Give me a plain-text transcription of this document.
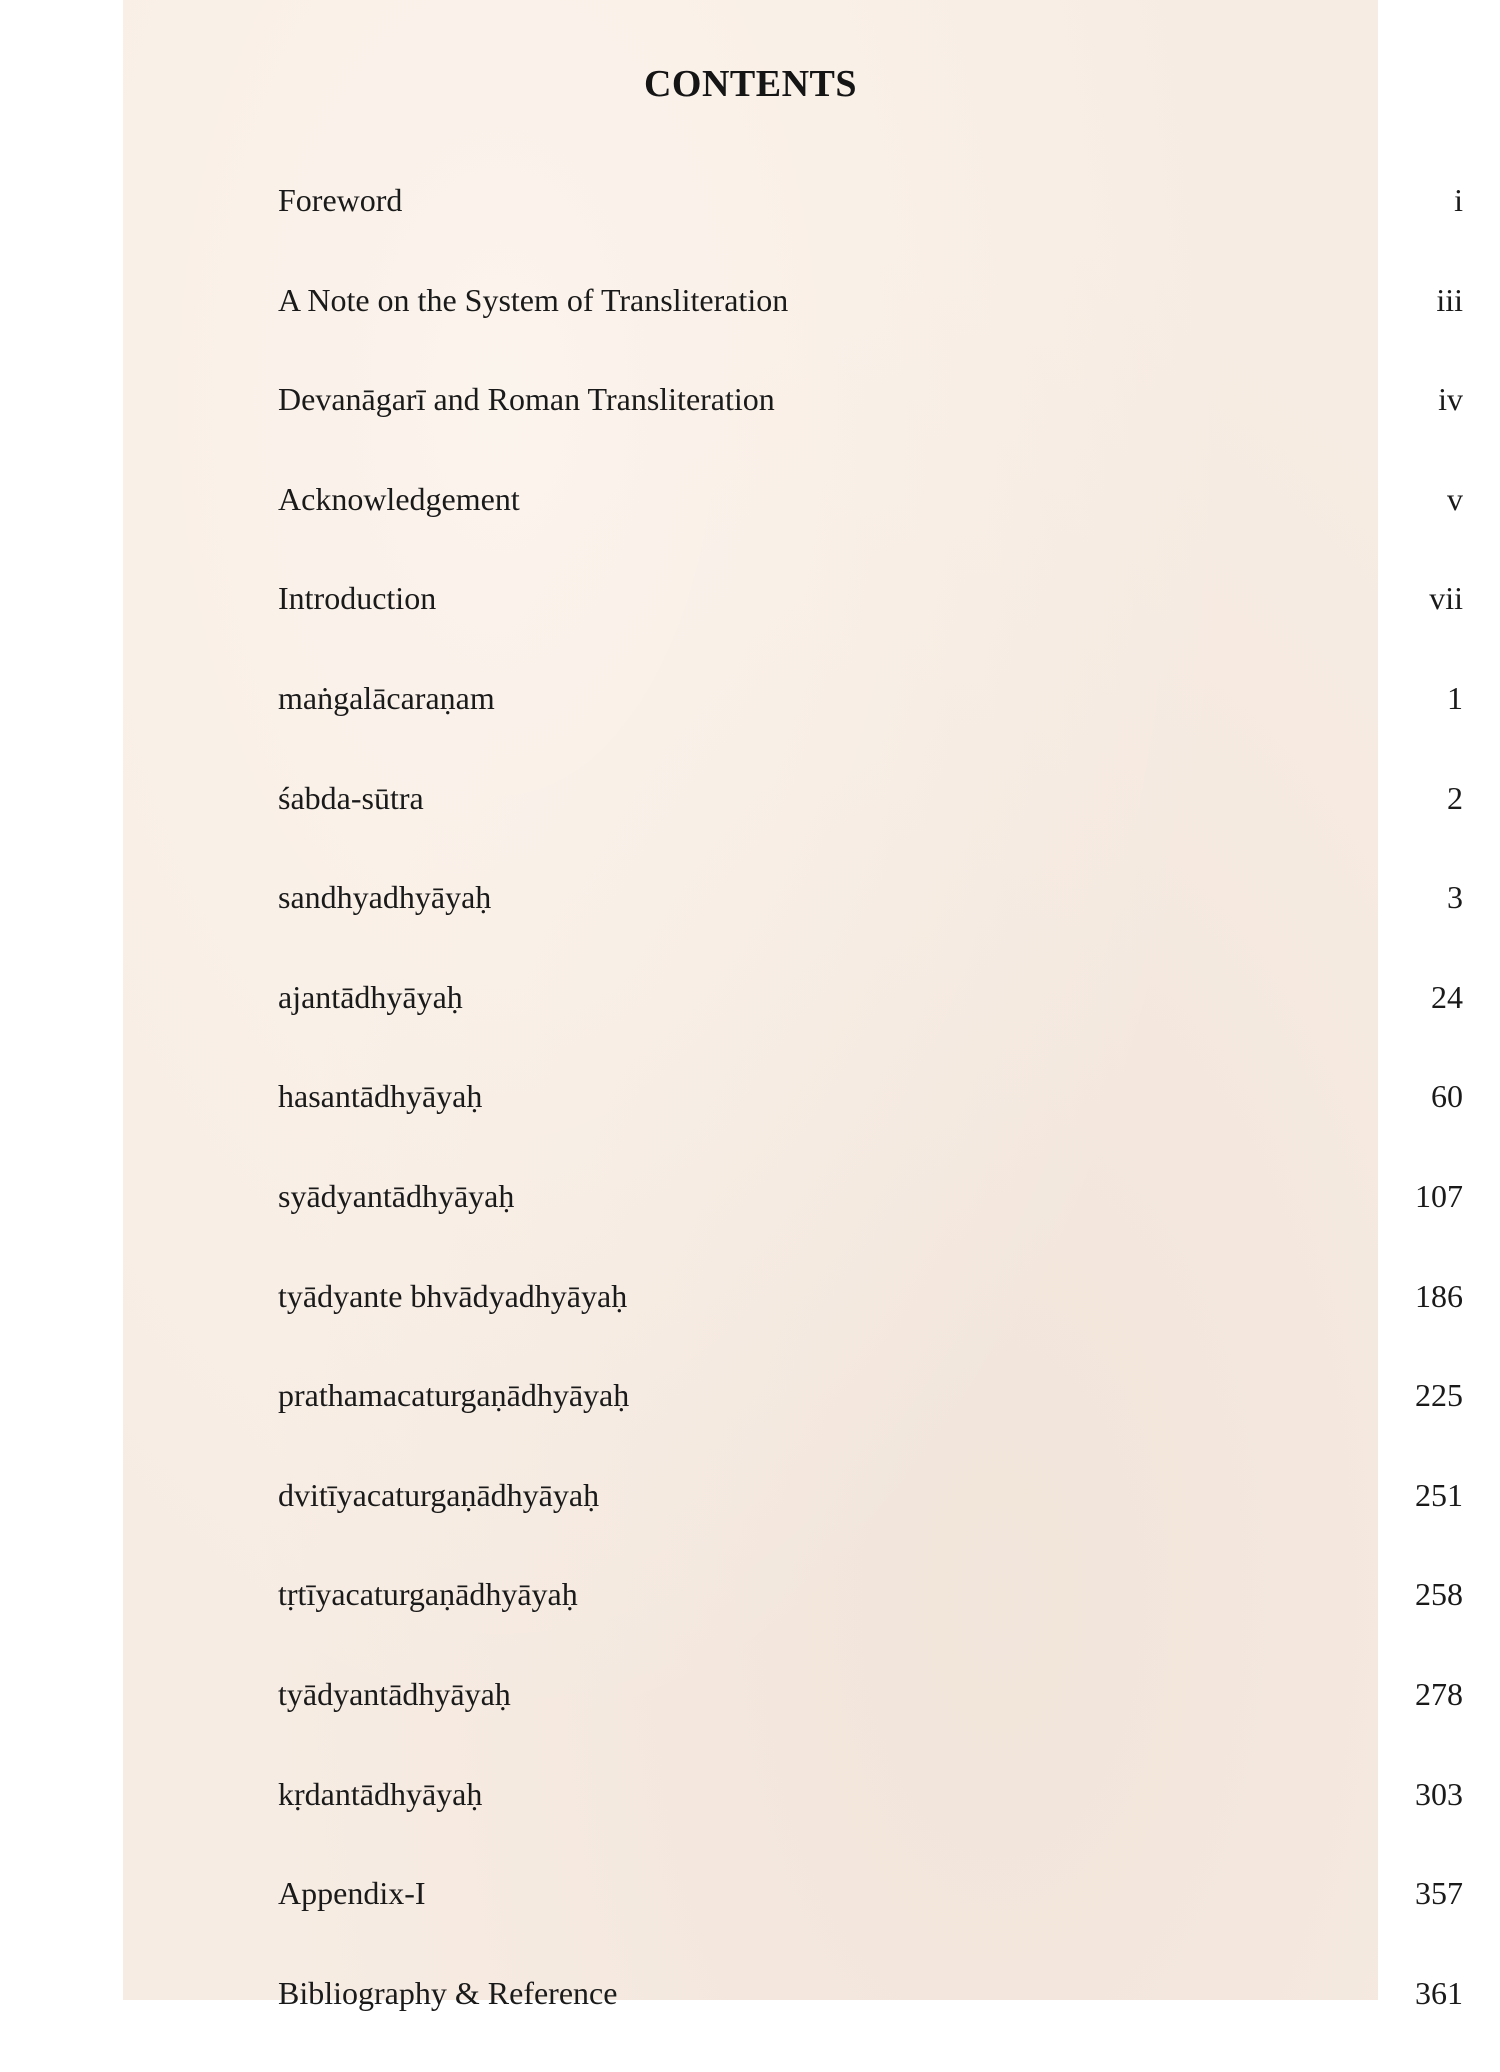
CONTENTS
Foreword	i
A Note on the System of Transliteration	iii
Devanāgarī and Roman Transliteration	iv
Acknowledgement	v
Introduction	vii
maṅgalācaraṇam	1
śabda-sūtra	2
sandhyadhyāyaḥ	3
ajantādhyāyaḥ	24
hasantādhyāyaḥ	60
syādyantādhyāyaḥ	107
tyādyante bhvādyadhyāyaḥ	186
prathamacaturgaṇādhyāyaḥ	225
dvitīyacaturgaṇādhyāyaḥ	251
tṛtīyacaturgaṇādhyāyaḥ	258
tyādyantādhyāyaḥ	278
kṛdantādhyāyaḥ	303
Appendix-I	357
Bibliography & Reference	361
